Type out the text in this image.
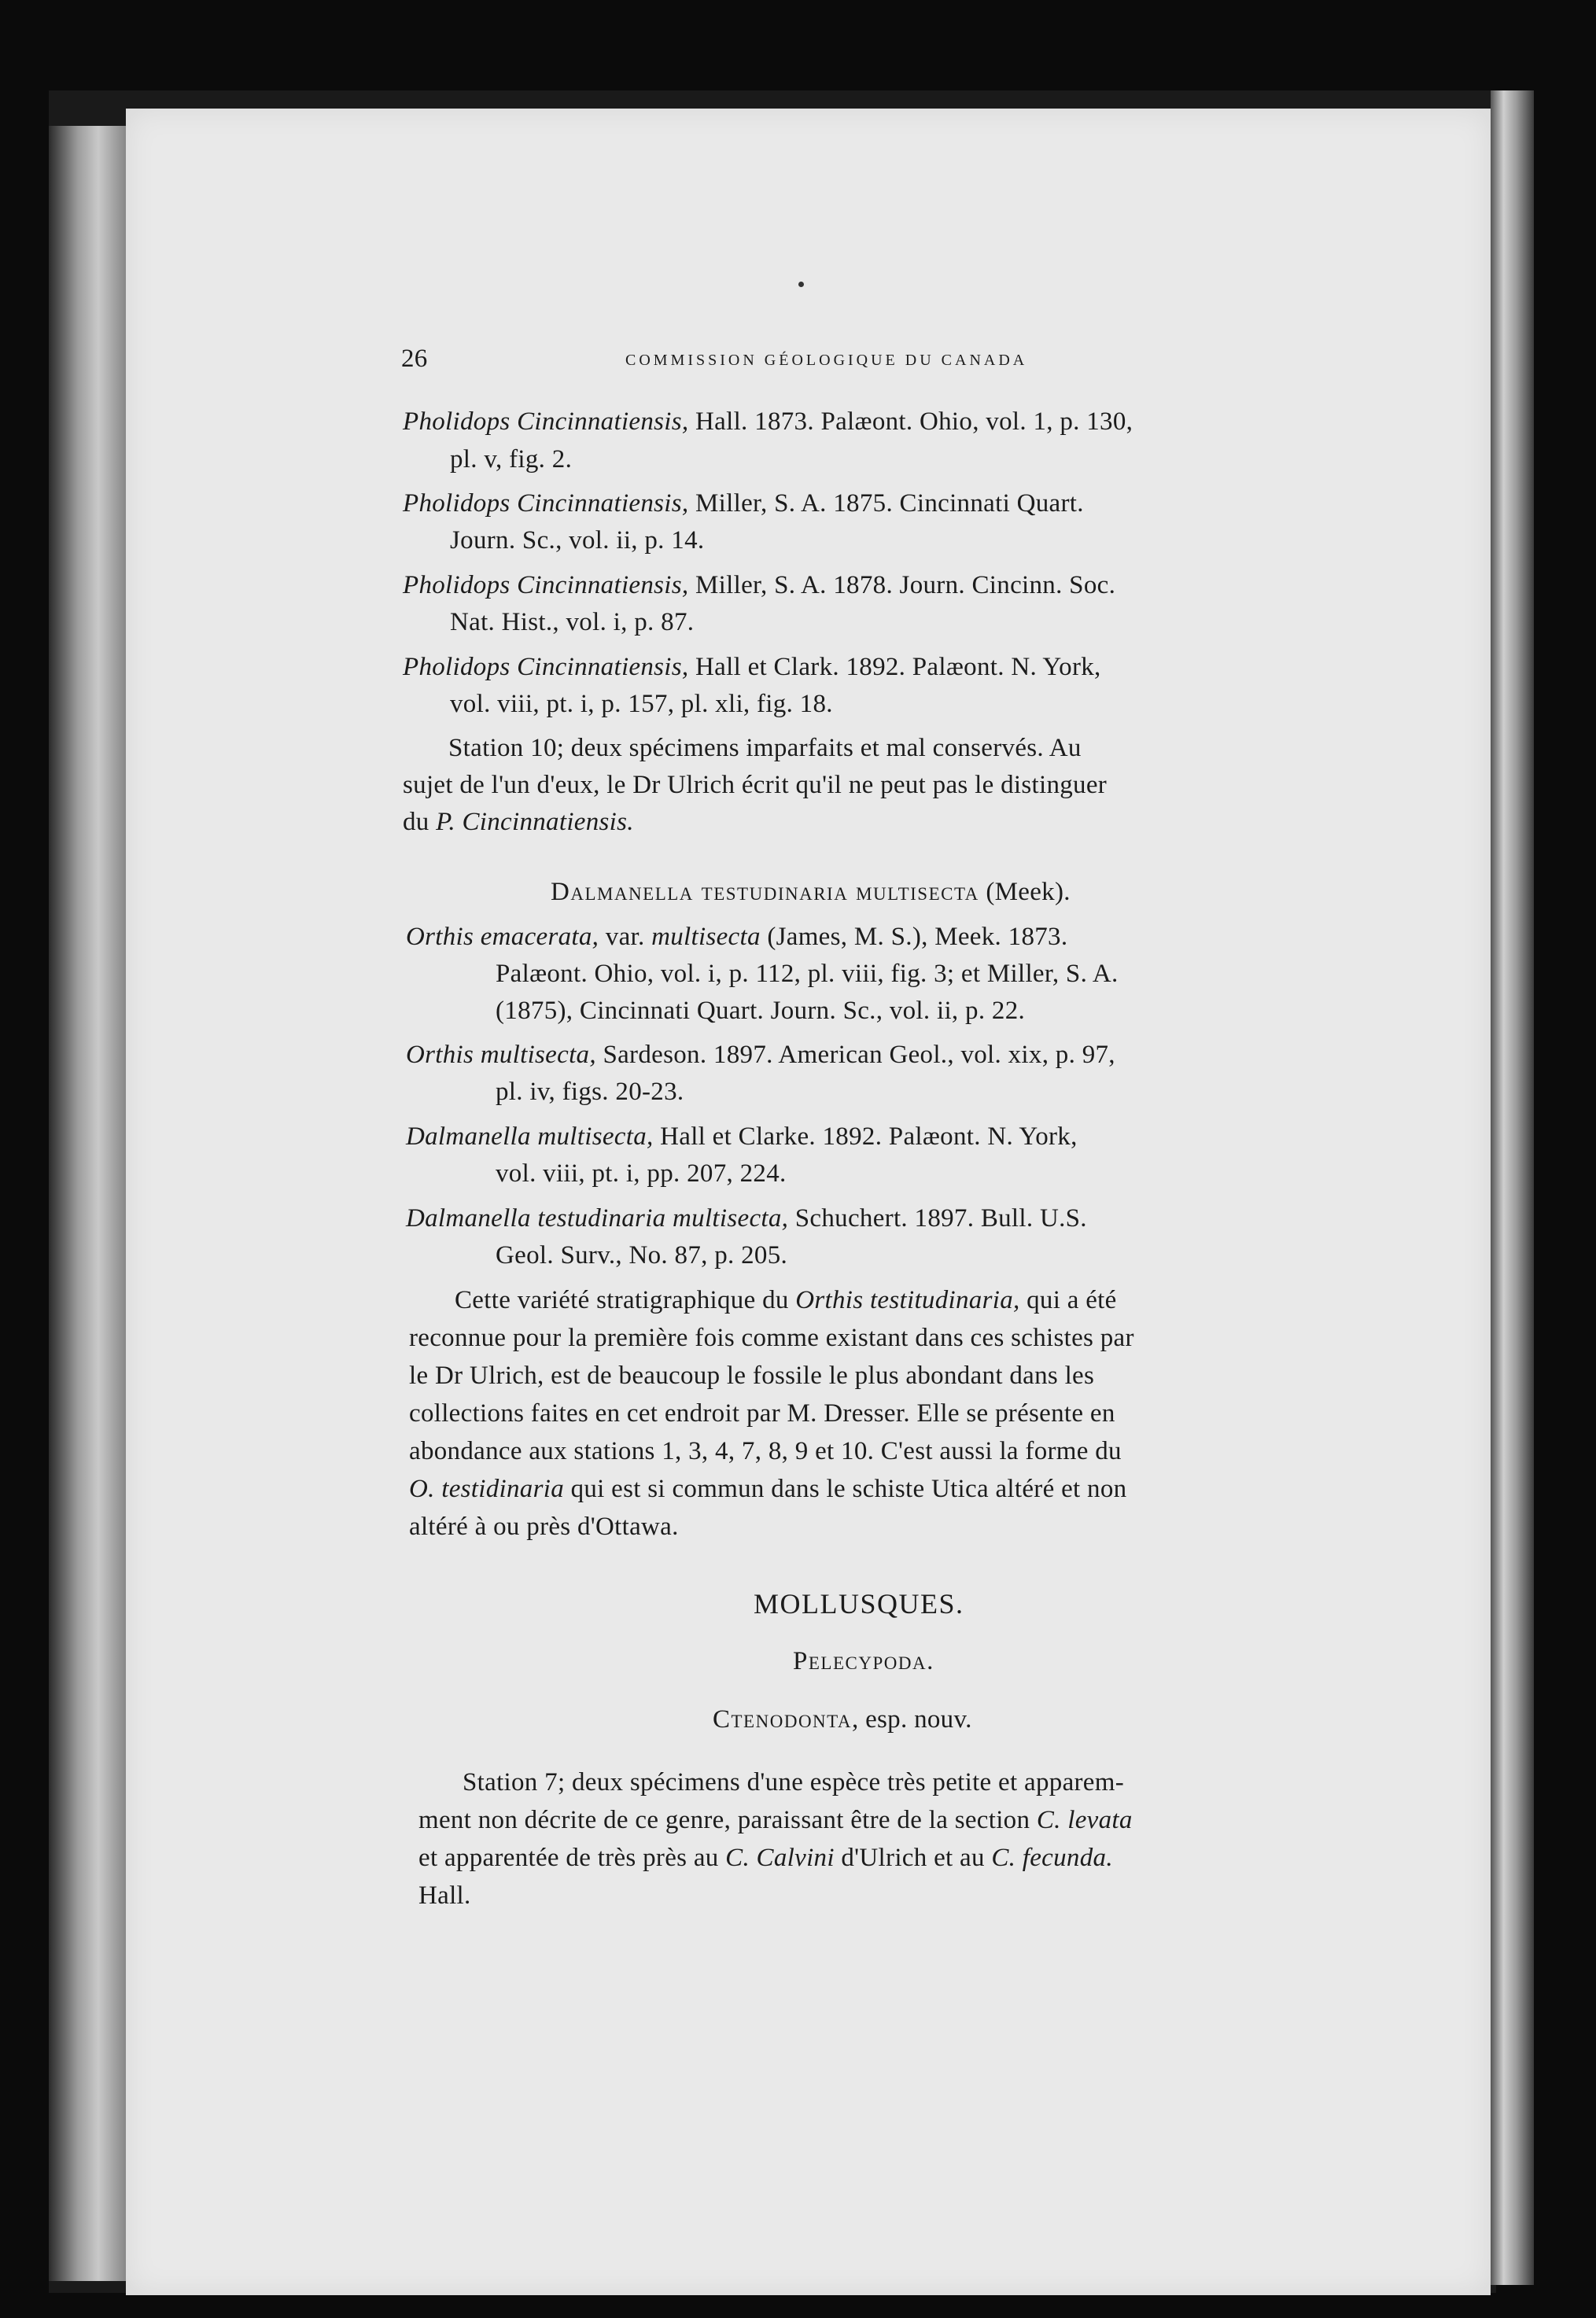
26	COMMISSION GÉOLOGIQUE DU CANADA
Pholidops Cincinnatiensis, Hall. 1873. Palæont. Ohio, vol. 1, p. 130,
pl. v, fig. 2.
Pholidops Cincinnatiensis, Miller, S. A. 1875. Cincinnati Quart.
Journ. Sc., vol. ii, p. 14.
Pholidops Cincinnatiensis, Miller, S. A. 1878. Journ. Cincinn. Soc.
Nat. Hist., vol. i, p. 87.
Pholidops Cincinnatiensis, Hall et Clark. 1892. Palæont. N. York,
vol. viii, pt. i, p. 157, pl. xli, fig. 18.
Station 10; deux spécimens imparfaits et mal conservés. Au
sujet de l'un d'eux, le Dr Ulrich écrit qu'il ne peut pas le distinguer
du P. Cincinnatiensis.
Dalmanella testudinaria multisecta (Meek).
Orthis emacerata, var. multisecta (James, M. S.), Meek. 1873.
Palæont. Ohio, vol. i, p. 112, pl. viii, fig. 3; et Miller, S. A.
(1875), Cincinnati Quart. Journ. Sc., vol. ii, p. 22.
Orthis multisecta, Sardeson. 1897. American Geol., vol. xix, p. 97,
pl. iv, figs. 20-23.
Dalmanella multisecta, Hall et Clarke. 1892. Palæont. N. York,
vol. viii, pt. i, pp. 207, 224.
Dalmanella testudinaria multisecta, Schuchert. 1897. Bull. U.S.
Geol. Surv., No. 87, p. 205.
Cette variété stratigraphique du Orthis testitudinaria, qui a été
reconnue pour la première fois comme existant dans ces schistes par
le Dr Ulrich, est de beaucoup le fossile le plus abondant dans les
collections faites en cet endroit par M. Dresser. Elle se présente en
abondance aux stations 1, 3, 4, 7, 8, 9 et 10. C'est aussi la forme du
O. testidinaria qui est si commun dans le schiste Utica altéré et non
altéré à ou près d'Ottawa.
MOLLUSQUES.
Pelecypoda.
Ctenodonta, esp. nouv.
Station 7; deux spécimens d'une espèce très petite et apparem-
ment non décrite de ce genre, paraissant être de la section C. levata
et apparentée de très près au C. Calvini d'Ulrich et au C. fecunda.
Hall.
